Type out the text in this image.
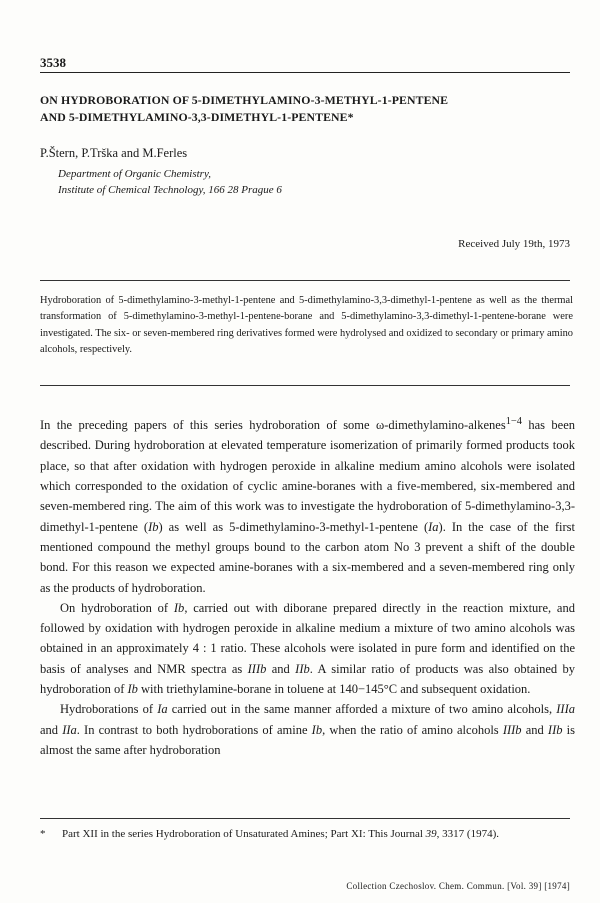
3538
ON HYDROBORATION OF 5-DIMETHYLAMINO-3-METHYL-1-PENTENE
AND 5-DIMETHYLAMINO-3,3-DIMETHYL-1-PENTENE*
P.Štern, P.Trška and M.Ferles
Department of Organic Chemistry,
Institute of Chemical Technology, 166 28 Prague 6
Received July 19th, 1973
Hydroboration of 5-dimethylamino-3-methyl-1-pentene and 5-dimethylamino-3,3-dimethyl-1-pentene as well as the thermal transformation of 5-dimethylamino-3-methyl-1-pentene-borane and 5-dimethylamino-3,3-dimethyl-1-pentene-borane were investigated. The six- or seven-membered ring derivatives formed were hydrolysed and oxidized to secondary or primary amino alcohols, respectively.

In the preceding papers of this series hydroboration of some ω-dimethylamino-alkenes$^{1-4}$ has been described. During hydroboration at elevated temperature isomerization of primarily formed products took place, so that after oxidation with hydrogen peroxide in alkaline medium amino alcohols were isolated which corresponded to the oxidation of cyclic amine-boranes with a five-membered, six-membered and seven-membered ring. The aim of this work was to investigate the hydroboration of 5-dimethylamino-3,3-dimethyl-1-pentene (Ib) as well as 5-dimethylamino-3-methyl-1-pentene (Ia). In the case of the first mentioned compound the methyl groups bound to the carbon atom No 3 prevent a shift of the double bond. For this reason we expected amine-boranes with a six-membered and a seven-membered ring only as the products of hydroboration.

On hydroboration of Ib, carried out with diborane prepared directly in the reaction mixture, and followed by oxidation with hydrogen peroxide in alkaline medium a mixture of two amino alcohols was obtained in an approximately 4 : 1 ratio. These alcohols were isolated in pure form and identified on the basis of analyses and NMR spectra as IIIb and IIb. A similar ratio of products was also obtained by hydroboration of Ib with triethylamine-borane in toluene at 140−145°C and subsequent oxidation.

Hydroborations of Ia carried out in the same manner afforded a mixture of two amino alcohols, IIIa and IIa. In contrast to both hydroborations of amine Ib, when the ratio of amino alcohols IIIb and IIb is almost the same after hydroboration

* Part XII in the series Hydroboration of Unsaturated Amines; Part XI: This Journal 39, 3317 (1974).
Collection Czechoslov. Chem. Commun. [Vol. 39] [1974]
